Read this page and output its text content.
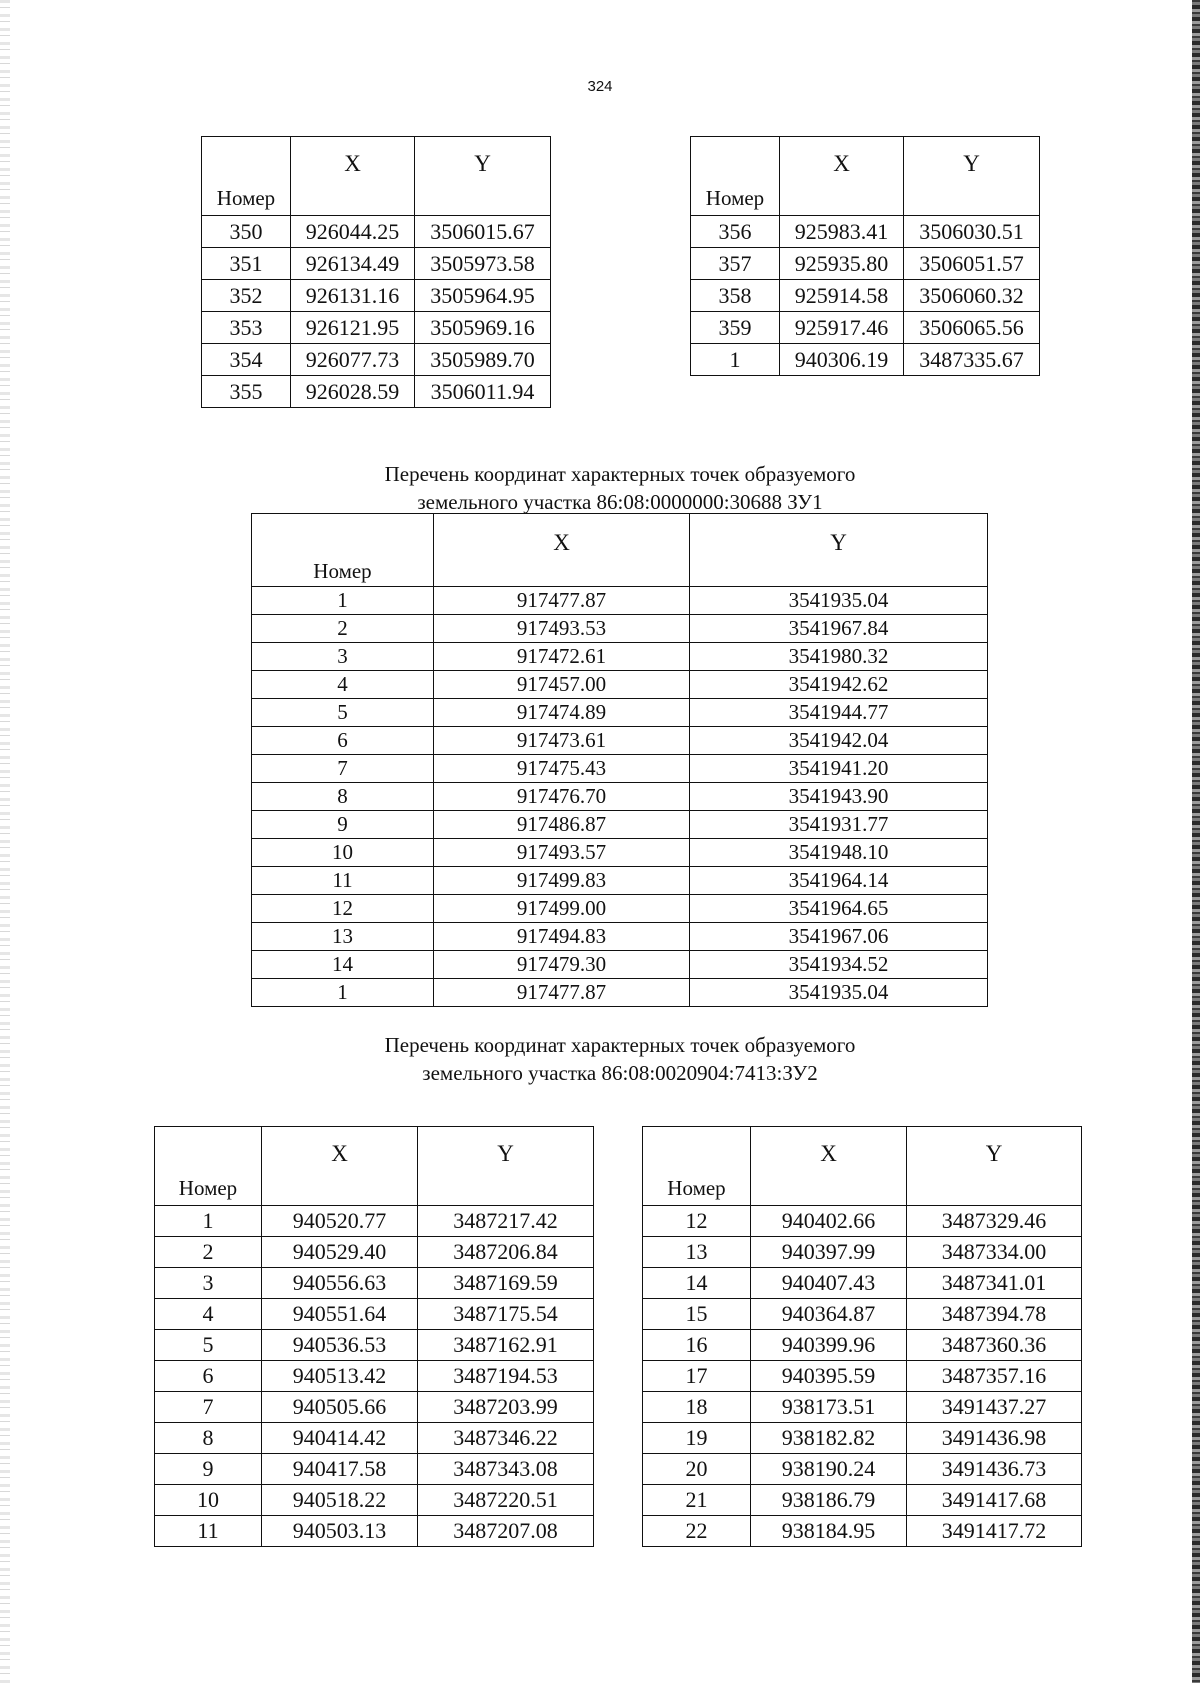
324
Номер	X	Y
350	926044.25	3506015.67
351	926134.49	3505973.58
352	926131.16	3505964.95
353	926121.95	3505969.16
354	926077.73	3505989.70
355	926028.59	3506011.94
Номер	X	Y
356	925983.41	3506030.51
357	925935.80	3506051.57
358	925914.58	3506060.32
359	925917.46	3506065.56
1	940306.19	3487335.67
Перечень координат характерных точек образуемого
земельного участка 86:08:0000000:30688 ЗУ1
Номер	X	Y
1	917477.87	3541935.04
2	917493.53	3541967.84
3	917472.61	3541980.32
4	917457.00	3541942.62
5	917474.89	3541944.77
6	917473.61	3541942.04
7	917475.43	3541941.20
8	917476.70	3541943.90
9	917486.87	3541931.77
10	917493.57	3541948.10
11	917499.83	3541964.14
12	917499.00	3541964.65
13	917494.83	3541967.06
14	917479.30	3541934.52
1	917477.87	3541935.04
Перечень координат характерных точек образуемого
земельного участка 86:08:0020904:7413:ЗУ2
Номер	X	Y
1	940520.77	3487217.42
2	940529.40	3487206.84
3	940556.63	3487169.59
4	940551.64	3487175.54
5	940536.53	3487162.91
6	940513.42	3487194.53
7	940505.66	3487203.99
8	940414.42	3487346.22
9	940417.58	3487343.08
10	940518.22	3487220.51
11	940503.13	3487207.08
Номер	X	Y
12	940402.66	3487329.46
13	940397.99	3487334.00
14	940407.43	3487341.01
15	940364.87	3487394.78
16	940399.96	3487360.36
17	940395.59	3487357.16
18	938173.51	3491437.27
19	938182.82	3491436.98
20	938190.24	3491436.73
21	938186.79	3491417.68
22	938184.95	3491417.72
